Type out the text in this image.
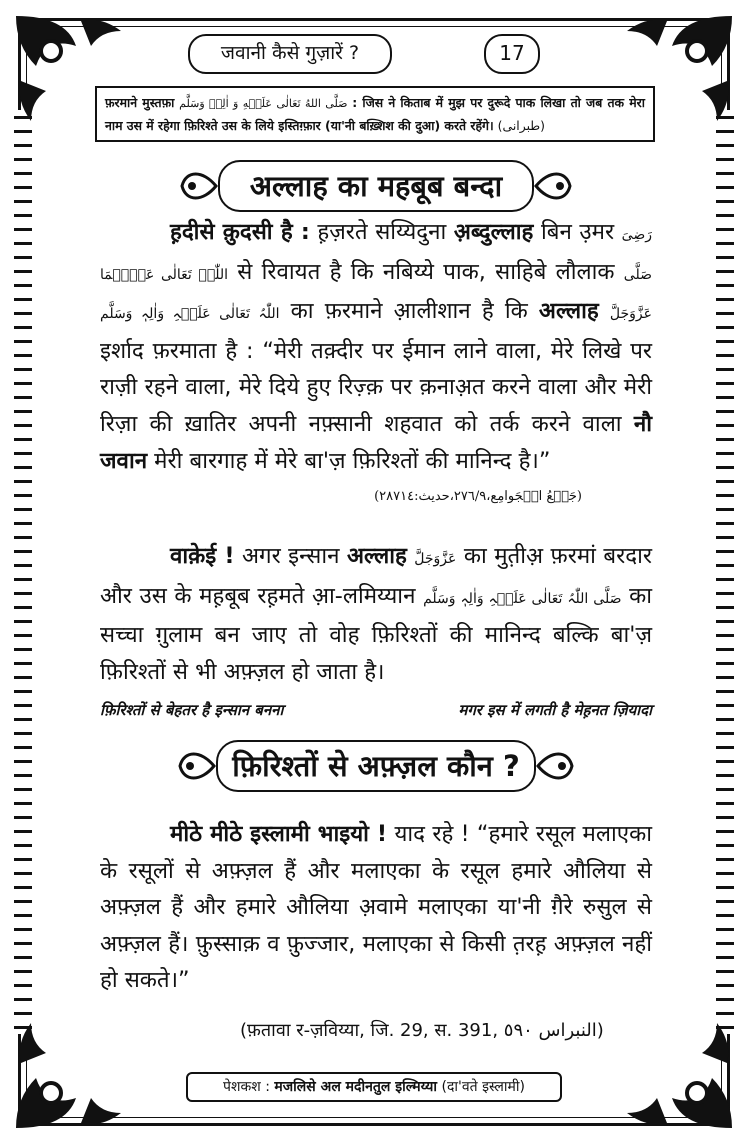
जवानी कैसे गुज़ारें ?	17
फ़रमाने मुस्तफ़ा صَلَّى اللهُ تَعَالٰى عَلَيۡهِ وَ اٰلِهٖ وَسَلَّم : जिस ने किताब में मुझ पर दुरूदे पाक लिखा तो जब तक मेरा नाम उस में रहेगा फ़िरिश्ते उस के लिये इस्तिग़्फ़ार (या'नी बख़्शिश की दुआ) करते रहेंगे। (طبرانی)
अल्लाह का महबूब बन्दा
ह़दीसे क़ुदसी है : ह़ज़रते सय्यिदुना अ़ब्दुल्लाह बिन उ़मर رَضِیَ اللّٰہُ تَعَالٰی عَنۡہُمَا से रिवायत है कि नबिय्ये पाक, साहिबे लौलाक صَلَّی اللّٰہُ تَعَالٰی عَلَیۡہِ وَاٰلِہٖ وَسَلَّم का फ़रमाने आ़लीशान है कि अल्लाह عَزَّوَجَلَّ इर्शाद फ़रमाता है : “मेरी तक़्दीर पर ईमान लाने वाला, मेरे लिखे पर राज़ी रहने वाला, मेरे दिये हुए रिज़्क़ पर क़नाअ़त करने वाला और मेरी रिज़ा की ख़ातिर अपनी नफ़्सानी शहवात को तर्क करने वाला नौ जवान मेरी बारगाह में मेरे बा'ज़ फ़िरिश्तों की मानिन्द है।”
(جَمۡعُ الۡجَوامِع،٢٧٦/٩،حدیث:٢٨٧١٤)
वाक़ेई ! अगर इन्सान अल्लाह عَزَّوَجَلَّ का मुत़ीअ़ फ़रमां बरदार और उस के मह़बूब रह़मते आ़-लमिय्यान صَلَّی اللّٰہُ تَعَالٰی عَلَیۡہِ وَاٰلِہٖ وَسَلَّم का सच्चा ग़ुलाम बन जाए तो वोह फ़िरिश्तों की मानिन्द बल्कि बा'ज़ फ़िरिश्तों से भी अफ़्ज़ल हो जाता है।
फ़िरिश्तों से बेहतर है इन्सान बनना	मगर इस में लगती है मेह़नत ज़ियादा
फ़िरिश्तों से अफ़्ज़ल कौन ?
मीठे मीठे इस्लामी भाइयो ! याद रहे ! “हमारे रसूल मलाएका के रसूलों से अफ़्ज़ल हैं और मलाएका के रसूल हमारे औलिया से अफ़्ज़ल हैं और हमारे औलिया अ़वामे मलाएका या'नी ग़ैरे रुसुल से अफ़्ज़ल हैं। फ़ुस्साक़ व फ़ुज्जार, मलाएका से किसी त़रह़ अफ़्ज़ल नहीं हो सकते।”
(फ़तावा र-ज़विय्या, जि. 29, स. 391, النبراس ٥٩٠)
पेशकश : मजलिसे अल मदीनतुल इल्मिय्या (दा'वते इस्लामी)
